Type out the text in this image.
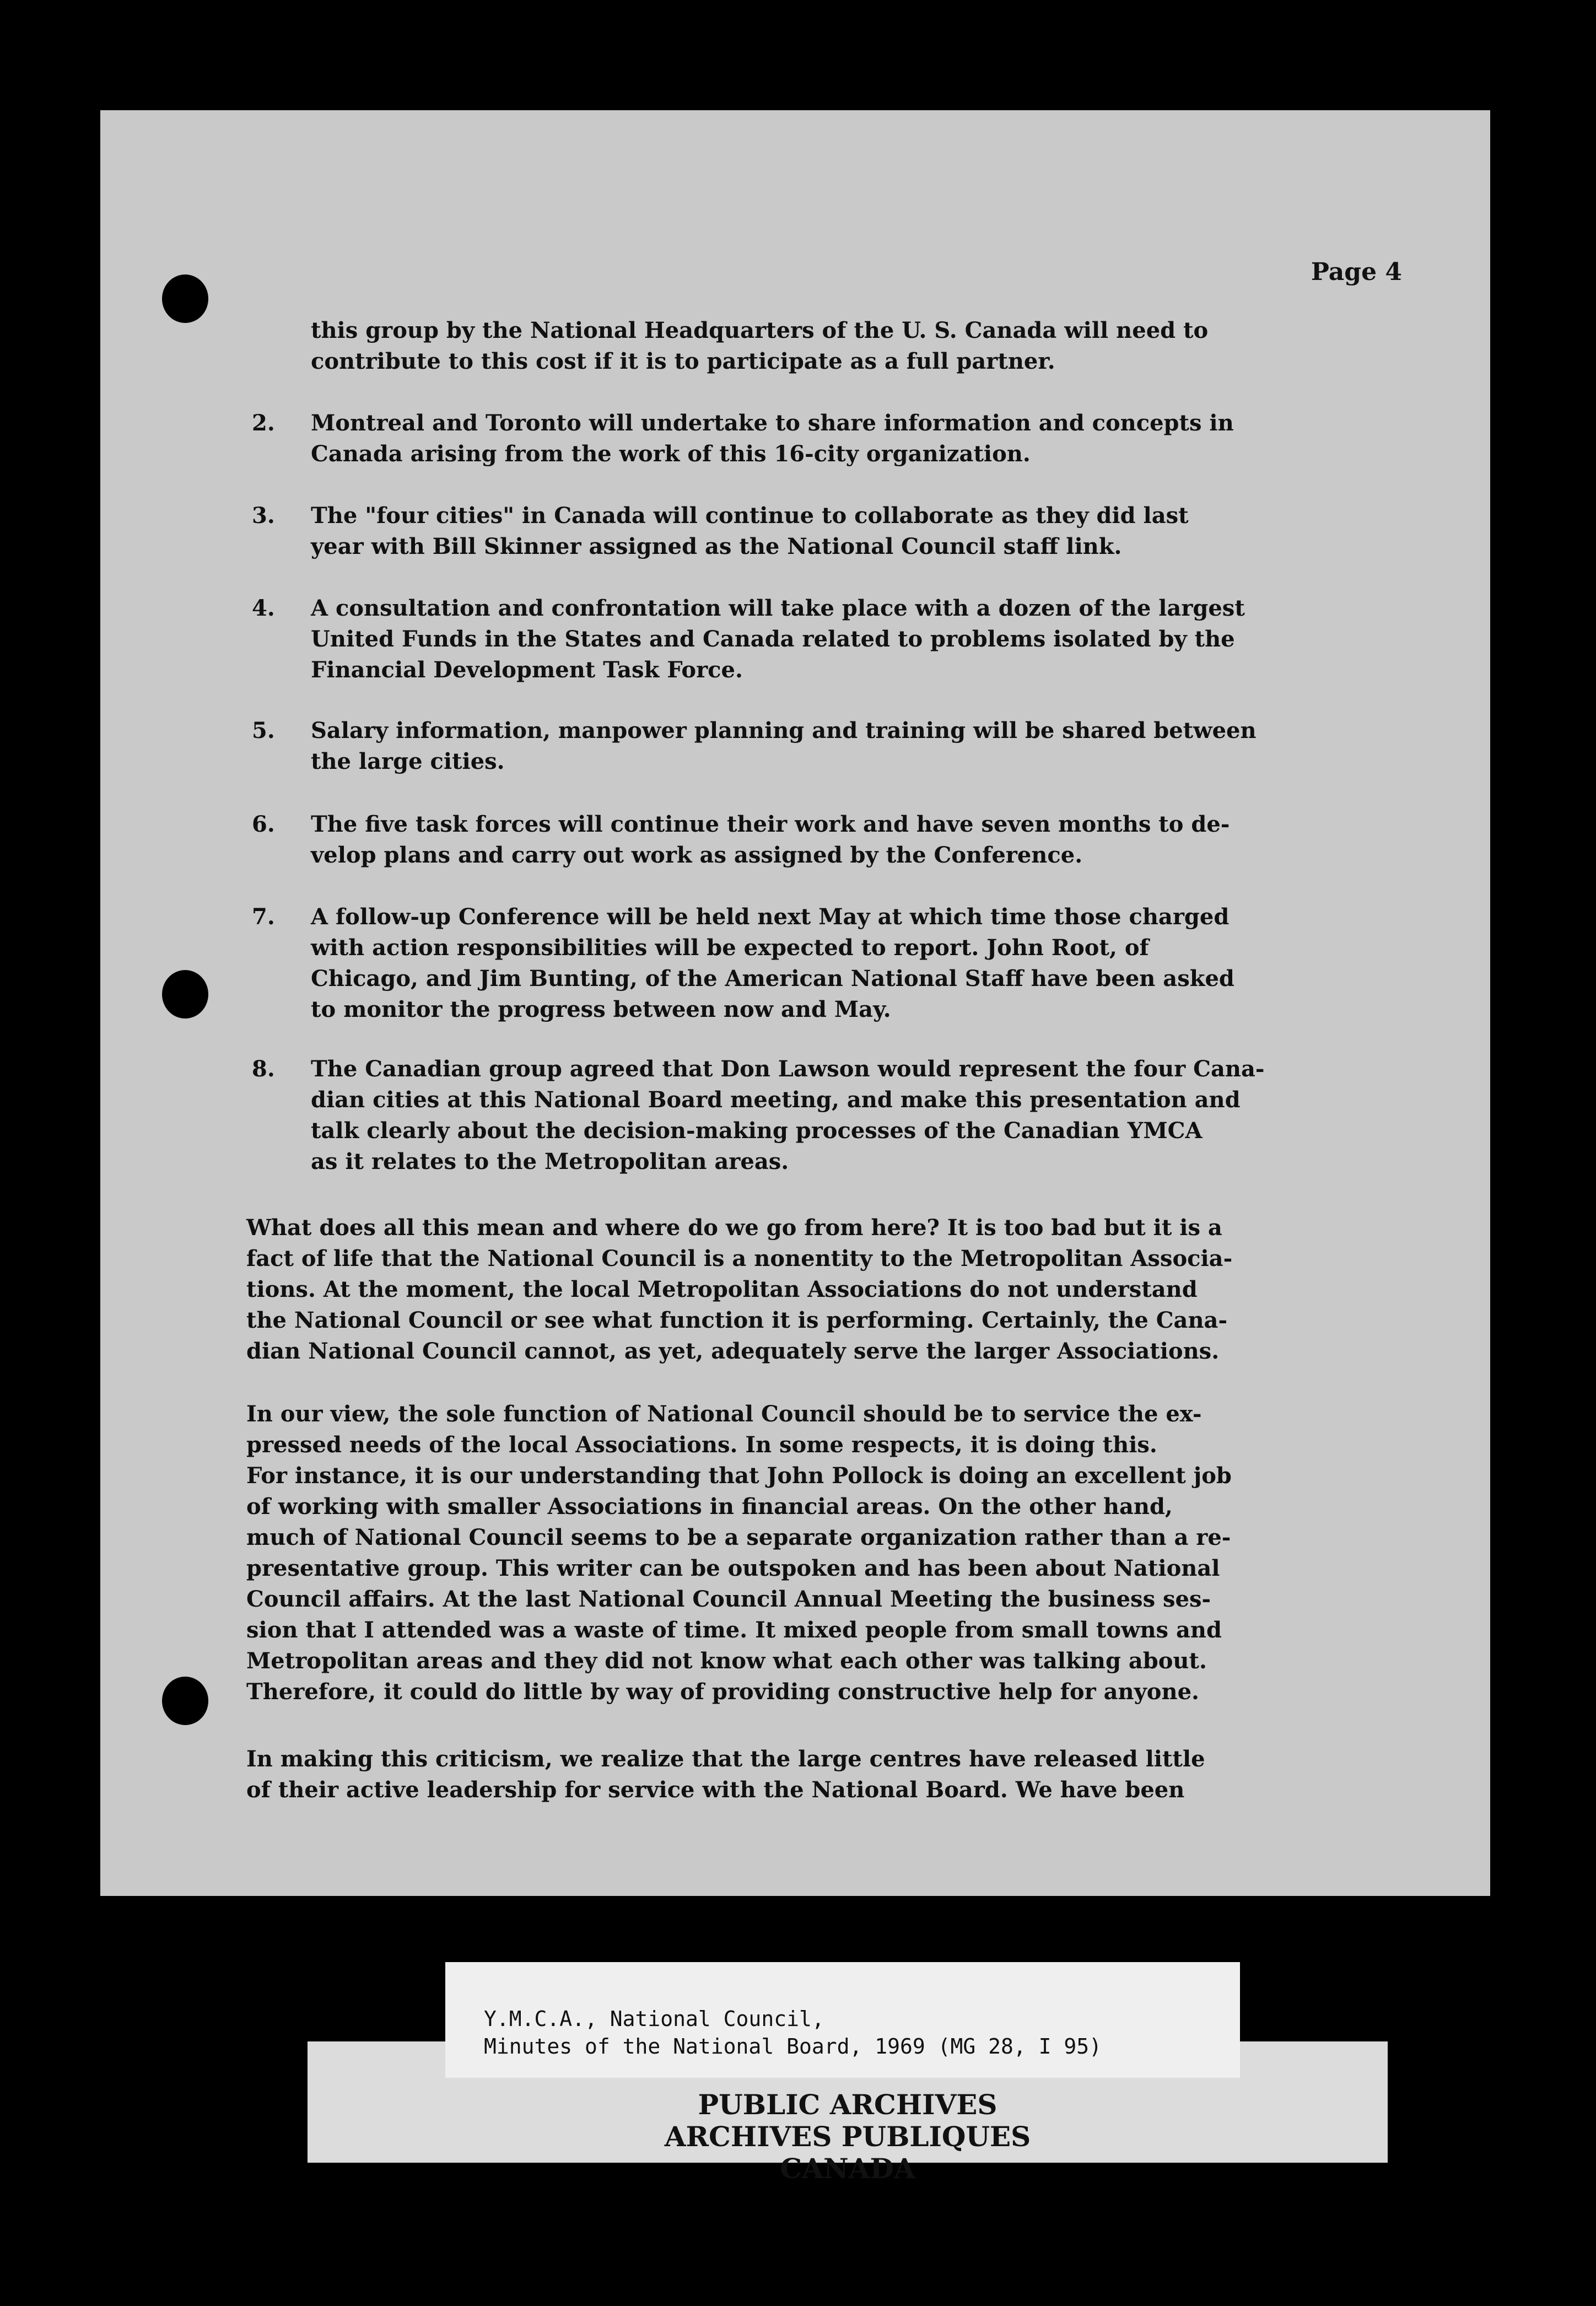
Page 4
this group by the National Headquarters of the U. S. Canada will need to
contribute to this cost if it is to participate as a full partner.
2. Montreal and Toronto will undertake to share information and concepts in
Canada arising from the work of this 16-city organization.
3. The "four cities" in Canada will continue to collaborate as they did last
year with Bill Skinner assigned as the National Council staff link.
4. A consultation and confrontation will take place with a dozen of the largest
United Funds in the States and Canada related to problems isolated by the
Financial Development Task Force.
5. Salary information, manpower planning and training will be shared between
the large cities.
6. The five task forces will continue their work and have seven months to de-
velop plans and carry out work as assigned by the Conference.
7. A follow-up Conference will be held next May at which time those charged
with action responsibilities will be expected to report. John Root, of
Chicago, and Jim Bunting, of the American National Staff have been asked
to monitor the progress between now and May.
8. The Canadian group agreed that Don Lawson would represent the four Cana-
dian cities at this National Board meeting, and make this presentation and
talk clearly about the decision-making processes of the Canadian YMCA
as it relates to the Metropolitan areas.
What does all this mean and where do we go from here? It is too bad but it is a
fact of life that the National Council is a nonentity to the Metropolitan Associa-
tions. At the moment, the local Metropolitan Associations do not understand
the National Council or see what function it is performing. Certainly, the Cana-
dian National Council cannot, as yet, adequately serve the larger Associations.
In our view, the sole function of National Council should be to service the ex-
pressed needs of the local Associations. In some respects, it is doing this.
For instance, it is our understanding that John Pollock is doing an excellent job
of working with smaller Associations in financial areas. On the other hand,
much of National Council seems to be a separate organization rather than a re-
presentative group. This writer can be outspoken and has been about National
Council affairs. At the last National Council Annual Meeting the business ses-
sion that I attended was a waste of time. It mixed people from small towns and
Metropolitan areas and they did not know what each other was talking about.
Therefore, it could do little by way of providing constructive help for anyone.
In making this criticism, we realize that the large centres have released little
of their active leadership for service with the National Board. We have been
Y.M.C.A., National Council,
Minutes of the National Board, 1969 (MG 28, I 95)
PUBLIC ARCHIVES
ARCHIVES PUBLIQUES
CANADA
